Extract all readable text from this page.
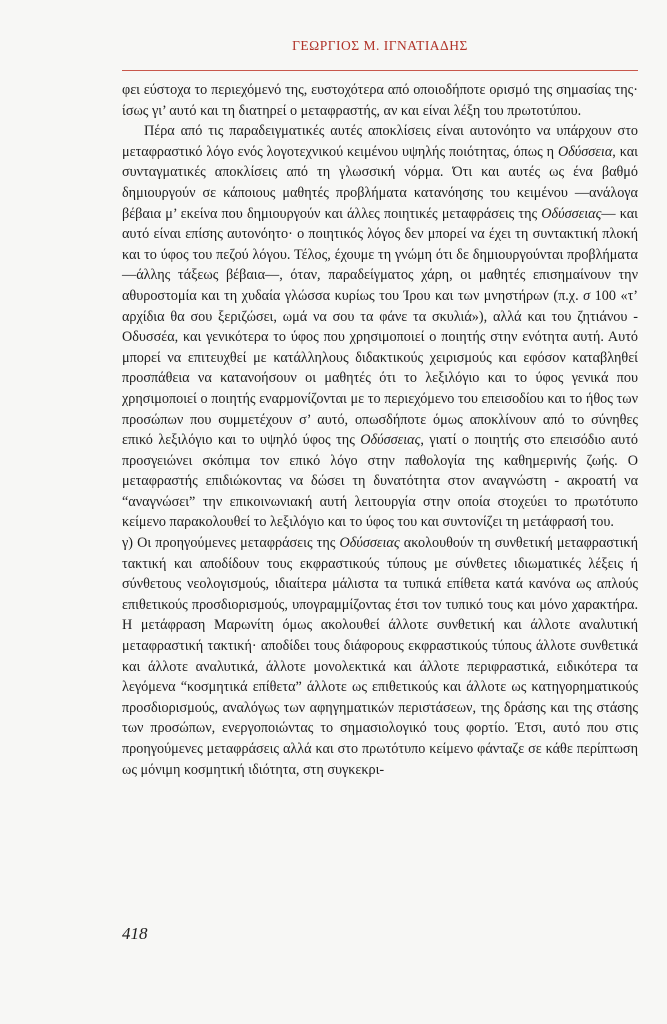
ΓΕΩΡΓΙΟΣ Μ. ΙΓΝΑΤΙΑΔΗΣ

φει εύστοχα το περιεχόμενό της, ευστοχότερα από οποιοδήποτε ορισμό της σημασίας της· ίσως γι’ αυτό και τη διατηρεί ο μεταφραστής, αν και είναι λέξη του πρωτοτύπου.

Πέρα από τις παραδειγματικές αυτές αποκλίσεις είναι αυτονόητο να υπάρχουν στο μεταφραστικό λόγο ενός λογοτεχνικού κειμένου υψηλής ποιότητας, όπως η Οδύσσεια, και συνταγματικές αποκλίσεις από τη γλωσσική νόρμα. Ότι και αυτές ως ένα βαθμό δημιουργούν σε κάποιους μαθητές προβλήματα κατανόησης του κειμένου —ανάλογα βέβαια μ’ εκείνα που δημιουργούν και άλλες ποιητικές μεταφράσεις της Οδύσσειας— και αυτό είναι επίσης αυτονόητο· ο ποιητικός λόγος δεν μπορεί να έχει τη συντακτική πλοκή και το ύφος του πεζού λόγου. Τέλος, έχουμε τη γνώμη ότι δε δημιουργούνται προβλήματα —άλλης τάξεως βέβαια—, όταν, παραδείγματος χάρη, οι μαθητές επισημαίνουν την αθυροστομία και τη χυδαία γλώσσα κυρίως του Ίρου και των μνηστήρων (π.χ. σ 100 «τ’ αρχίδια θα σου ξεριζώσει, ωμά να σου τα φάνε τα σκυλιά»), αλλά και του ζητιάνου - Οδυσσέα, και γενικότερα το ύφος που χρησιμοποιεί ο ποιητής στην ενότητα αυτή. Αυτό μπορεί να επιτευχθεί με κατάλληλους διδακτικούς χειρισμούς και εφόσον καταβληθεί προσπάθεια να κατανοήσουν οι μαθητές ότι το λεξιλόγιο και το ύφος γενικά που χρησιμοποιεί ο ποιητής εναρμονίζονται με το περιεχόμενο του επεισοδίου και το ήθος των προσώπων που συμμετέχουν σ’ αυτό, οπωσδήποτε όμως αποκλίνουν από το σύνηθες επικό λεξιλόγιο και το υψηλό ύφος της Οδύσσειας, γιατί ο ποιητής στο επεισόδιο αυτό προσγειώνει σκόπιμα τον επικό λόγο στην παθολογία της καθημερινής ζωής. Ο μεταφραστής επιδιώκοντας να δώσει τη δυνατότητα στον αναγνώστη - ακροατή να “αναγνώσει” την επικοινωνιακή αυτή λειτουργία στην οποία στοχεύει το πρωτότυπο κείμενο παρακολουθεί το λεξιλόγιο και το ύφος του και συντονίζει τη μετάφρασή του.

γ) Οι προηγούμενες μεταφράσεις της Οδύσσειας ακολουθούν τη συνθετική μεταφραστική τακτική και αποδίδουν τους εκφραστικούς τύπους με σύνθετες ιδιωματικές λέξεις ή σύνθετους νεολογισμούς, ιδιαίτερα μάλιστα τα τυπικά επίθετα κατά κανόνα ως απλούς επιθετικούς προσδιορισμούς, υπογραμμίζοντας έτσι τον τυπικό τους και μόνο χαρακτήρα. Η μετάφραση Μαρωνίτη όμως ακολουθεί άλλοτε συνθετική και άλλοτε αναλυτική μεταφραστική τακτική· αποδίδει τους διάφορους εκφραστικούς τύπους άλλοτε συνθετικά και άλλοτε αναλυτικά, άλλοτε μονολεκτικά και άλλοτε περιφραστικά, ειδικότερα τα λεγόμενα “κοσμητικά επίθετα” άλλοτε ως επιθετικούς και άλλοτε ως κατηγορηματικούς προσδιορισμούς, αναλόγως των αφηγηματικών περιστάσεων, της δράσης και της στάσης των προσώπων, ενεργοποιώντας το σημασιολογικό τους φορτίο. Έτσι, αυτό που στις προηγούμενες μεταφράσεις αλλά και στο πρωτότυπο κείμενο φάνταζε σε κάθε περίπτωση ως μόνιμη κοσμητική ιδιότητα, στη συγκεκρι-

418
